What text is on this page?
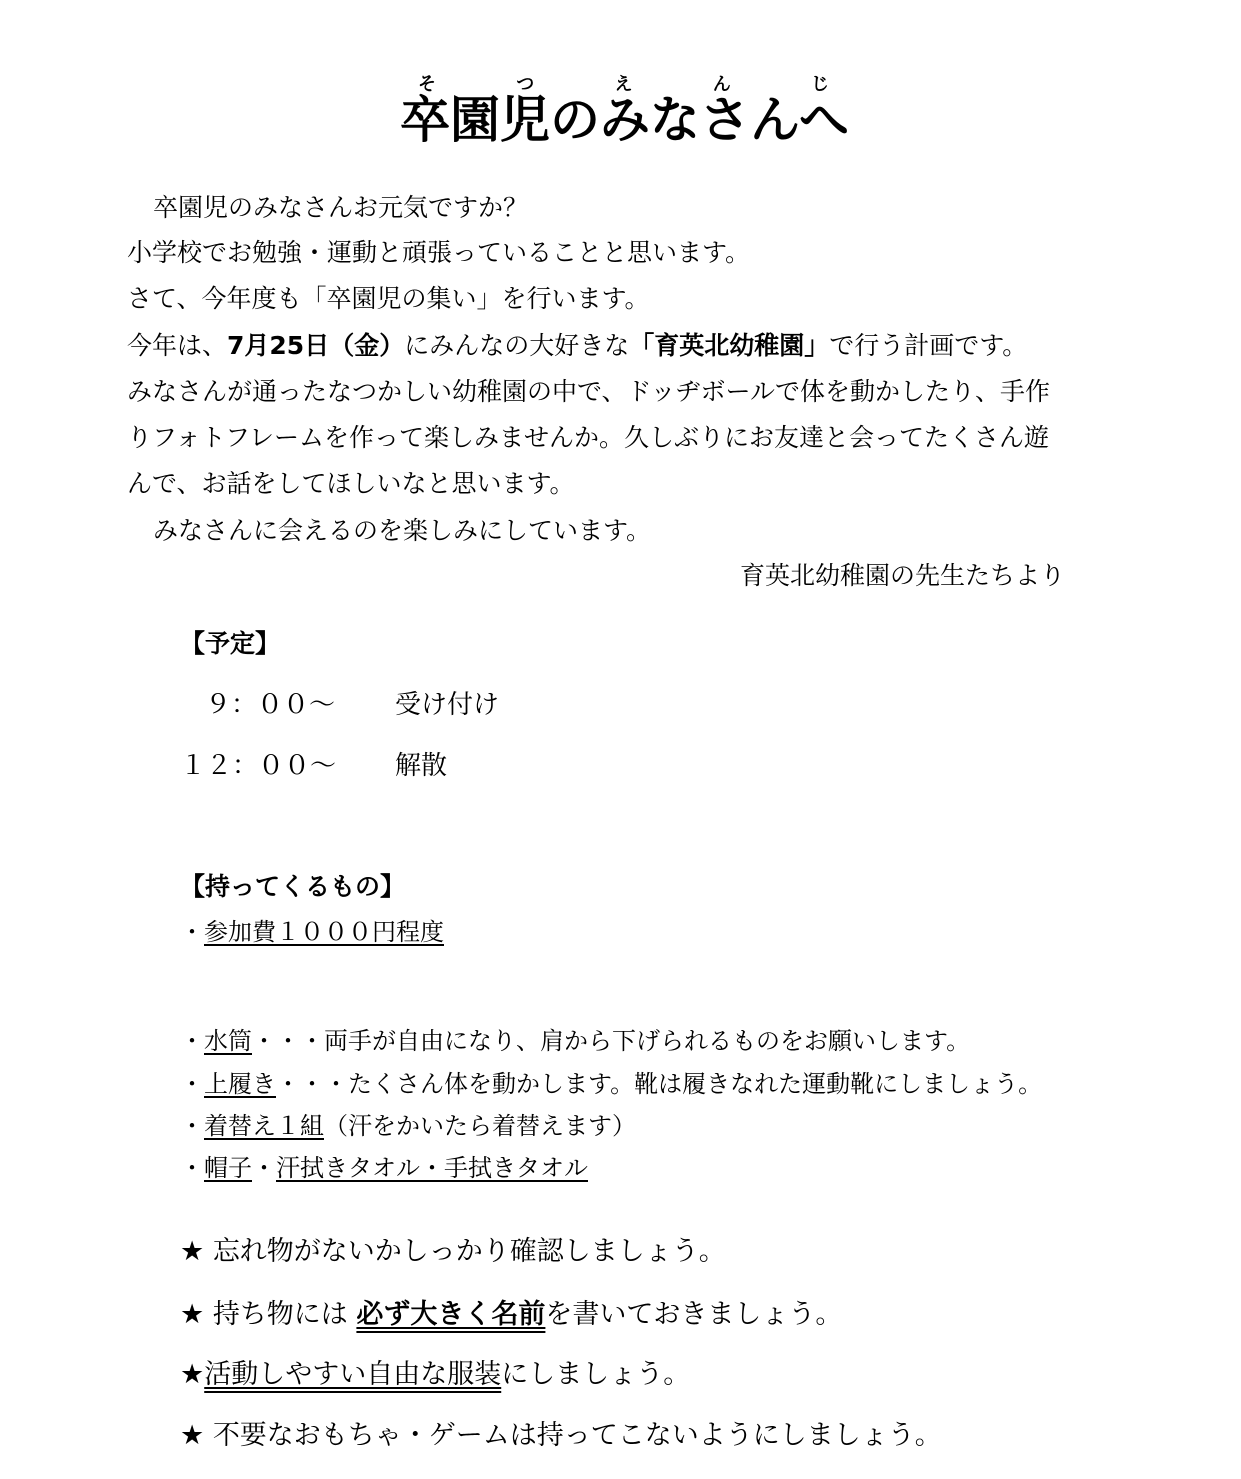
卒園児のみなさんへそつえんじ
卒園児のみなさんお元気ですか？
小学校でお勉強・運動と頑張っていることと思います。
さて、今年度も「卒園児の集い」を行います。
今年は、7月25日（金）にみんなの大好きな「育英北幼稚園」で行う計画です。
みなさんが通ったなつかしい幼稚園の中で、ドッヂボールで体を動かしたり、手作
りフォトフレームを作って楽しみませんか。久しぶりにお友達と会ってたくさん遊
んで、お話をしてほしいなと思います。
みなさんに会えるのを楽しみにしています。
育英北幼稚園の先生たちより
【予定】
９：００～ 受け付け
１２：００～ 解散
【持ってくるもの】
・参加費１０００円程度
・水筒・・・両手が自由になり、肩から下げられるものをお願いします。
・上履き・・・たくさん体を動かします。靴は履きなれた運動靴にしましょう。
・着替え１組（汗をかいたら着替えます）
・帽子・汗拭きタオル・手拭きタオル
★ 忘れ物がないかしっかり確認しましょう。
★ 持ち物には 必ず大きく名前を書いておきましょう。
★活動しやすい自由な服装にしましょう。
★ 不要なおもちゃ・ゲームは持ってこないようにしましょう。
